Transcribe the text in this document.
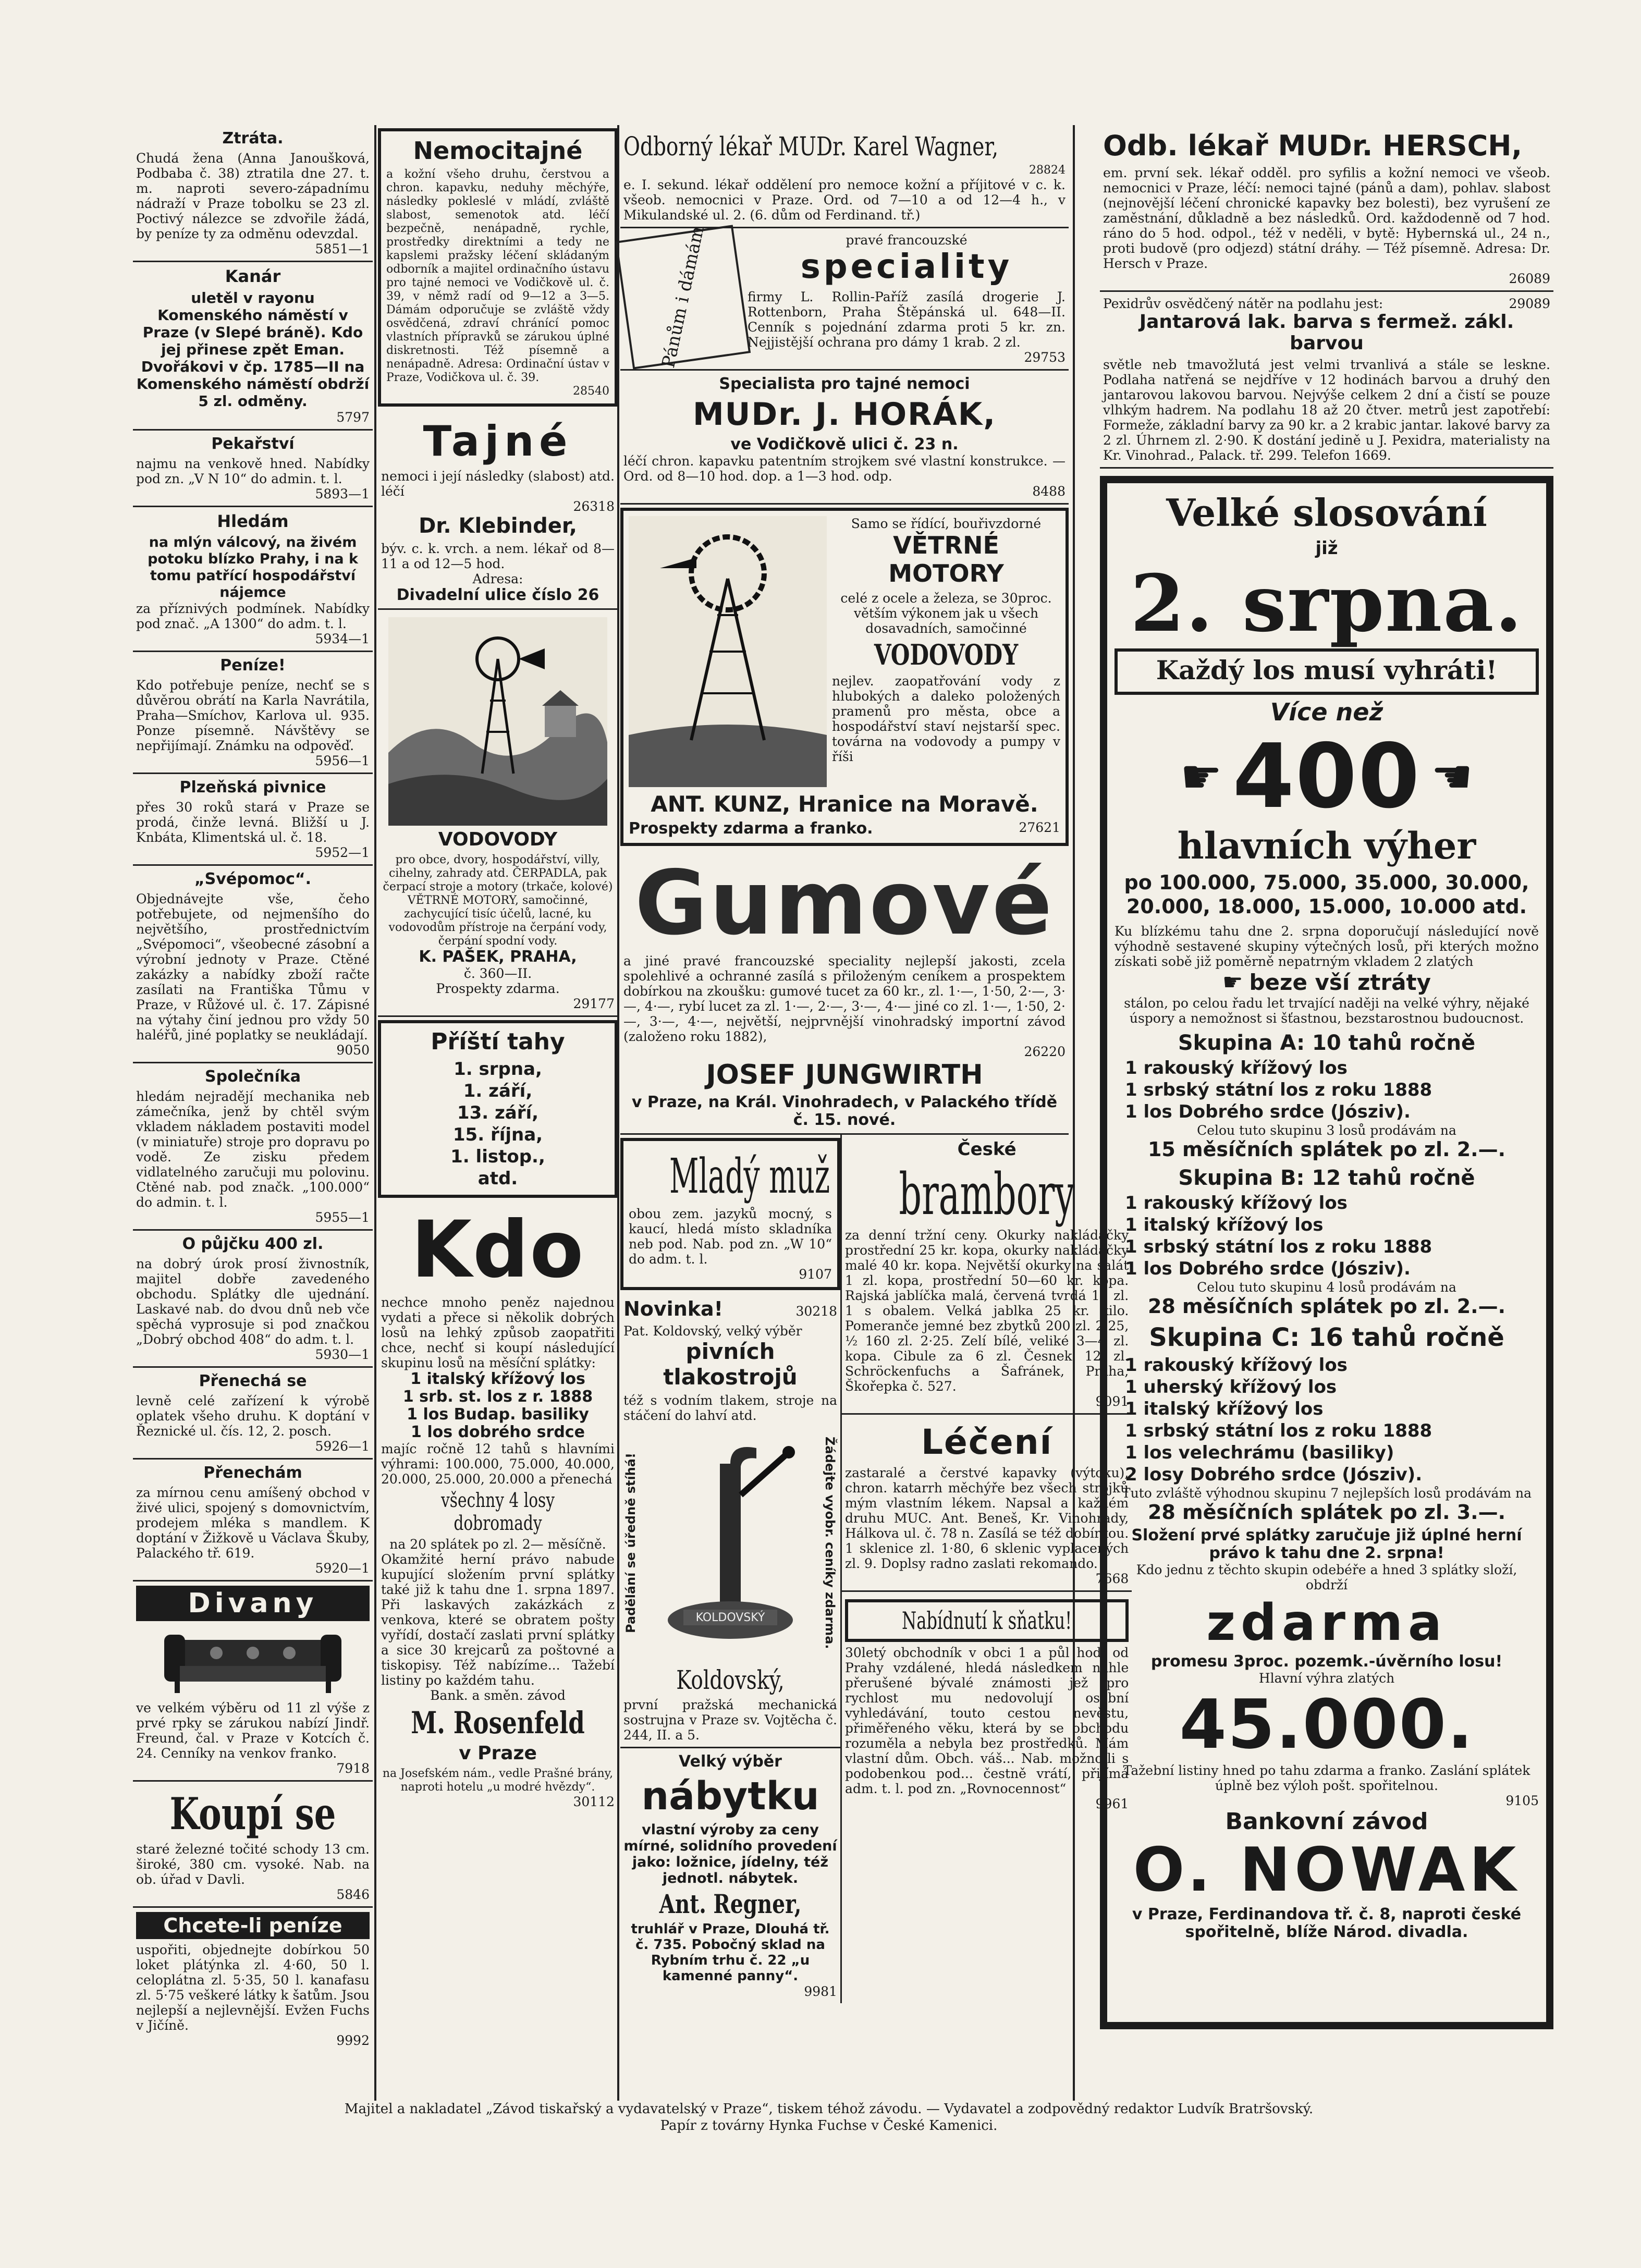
Ztráta.

Chudá žena (Anna Janoušková, Podbaba č. 38) ztratila dne 27. t. m. naproti severo-západnímu nádraží v Praze tobolku se 23 zl. Poctivý nálezce se zdvořile žádá, by peníze ty za odměnu odevzdal.

5851—1

Kanár

uletěl v rayonu Komenského náměstí v Praze (v Slepé bráně). Kdo jej přinese zpět Eman. Dvořákovi v čp. 1785—II na Komenského náměstí obdrží 5 zl. odměny.

5797

Pekařství

najmu na venkově hned. Nabídky pod zn. „V N 10“ do admin. t. l.

5893—1

Hledám

na mlýn válcový, na živém potoku blízko Prahy, i na k tomu patřící hospodářství nájemce

za příznivých podmínek. Nabídky pod znač. „A 1300“ do adm. t. l.

5934—1

Peníze!

Kdo potřebuje peníze, nechť se s důvěrou obrátí na Karla Navrátila, Praha—Smíchov, Karlova ul. 935. Ponze písemně. Návštěvy se nepřijímají. Známku na odpověď.

5956—1

Plzeňská pivnice

přes 30 roků stará v Praze se prodá, činže levná. Bližší u J. Knbáta, Klimentská ul. č. 18.

5952—1

„Svépomoc“.

Objednávejte vše, čeho potřebujete, od nejmenšího do největšího, prostřednictvím „Svépomoci“, všeobecné zásobní a výrobní jednoty v Praze. Ctěné zakázky a nabídky zboží račte zasílati na Františka Tůmu v Praze, v Růžové ul. č. 17. Zápisné na výtahy činí jednou pro vždy 50 haléřů, jiné poplatky se neukládají.

9050

Společníka

hledám nejradějí mechanika neb zámečníka, jenž by chtěl svým vkladem nákladem postaviti model (v miniatuře) stroje pro dopravu po vodě. Ze zisku předem vidlatelného zaručuji mu polovinu. Ctěné nab. pod značk. „100.000“ do admin. t. l.

5955—1

O půjčku 400 zl.

na dobrý úrok prosí živnostník, majitel dobře zavedeného obchodu. Splátky dle ujednání. Laskavé nab. do dvou dnů neb vče spěchá vyprosuje si pod značkou „Dobrý obchod 408“ do adm. t. l.

5930—1

Přenechá se

levně celé zařízení k výrobě oplatek všeho druhu. K doptání v Řeznické ul. čís. 12, 2. posch.

5926—1

Přenechám

za mírnou cenu amíšený obchod v živé ulici, spojený s domovnictvím, prodejem mléka s mandlem. K doptání v Žižkově u Václava Škuby, Palackého tř. 619.

5920—1

Divany

ve velkém výběru od 11 zl výše z prvé rpky se zárukou nabízí Jindř. Freund, čal. v Praze v Kotcích č. 24. Cenníky na venkov franko.

7918

Koupí se

staré železné točité schody 13 cm. široké, 380 cm. vysoké. Nab. na ob. úřad v Davli.

5846

Chcete-li peníze

uspořiti, objednejte dobírkou 50 loket plátýnka zl. 4·60, 50 l. celoplátna zl. 5·35, 50 l. kanafasu zl. 5·75 veškeré látky k šatům. Jsou nejlepší a nejlevnější. Evžen Fuchs v Jičíně.

9992

Nemocitajné

a kožní všeho druhu, čerstvou a chron. kapavku, neduhy měchýře, následky pokleslé v mládí, zvláště slabost, semenotok atd. léčí bezpečně, nenápadně, rychle, prostředky direktními a tedy ne kapslemi pražsky léčení skládaným odborník a majitel ordinačního ústavu pro tajné nemoci ve Vodičkově ul. č. 39, v němž radí od 9—12 a 3—5. Dámám odporučuje se zvláště vždy osvědčená, zdraví chránící pomoc vlastních přípravků se zárukou úplné diskretnosti. Též písemně a nenápadně. Adresa: Ordinační ústav v Praze, Vodičkova ul. č. 39.

28540

Tajné

nemoci i její následky (slabost) atd. léčí

26318

Dr. Klebinder,

býv. c. k. vrch. a nem. lékař od 8—11 a od 12—5 hod.

Adresa:

Divadelní ulice číslo 26

VODOVODY

pro obce, dvory, hospodářství, villy, cihelny, zahrady atd. ČERPADLA, pak čerpací stroje a motory (trkače, kolové) VĚTRNÉ MOTORY, samočinné, zachycující tisíc účelů, lacné, ku vodovodům přístroje na čerpání vody, čerpání spodní vody.

K. PAŠEK, PRAHA,

č. 360—II.

Prospekty zdarma.

29177

Příští tahy
1. srpna,
1. září,
13. září,
15. října,
1. listop.,
atd.
Kdo

nechce mnoho peněz najednou vydati a přece si několik dobrých losů na lehký způsob zaopatřiti chce, nechť si koupí následující skupinu losů na měsíční splátky:

1 italský křížový los

1 srb. st. los z r. 1888

1 los Budap. basiliky

1 los dobrého srdce

majíc ročně 12 tahů s hlavními výhrami: 100.000, 75.000, 40.000, 20.000, 25.000, 20.000 a přenechá

všechny 4 losy dobromady

na 20 splátek po zl. 2— měsíčně.

Okamžité herní právo nabude kupující složením první splátky také již k tahu dne 1. srpna 1897. Při laskavých zakázkách z venkova, které se obratem pošty vyřídí, dostačí zaslati první splátky a sice 30 krejcarů za poštovné a tiskopisy. Též nabízíme... Tažebí listiny po každém tahu.

Bank. a směn. závod

M. Rosenfeld
v Praze

na Josefském nám., vedle Prašné brány, naproti hotelu „u modré hvězdy“.

30112

Odborný lékař MUDr. Karel Wagner,

28824

e. I. sekund. lékař oddělení pro nemoce kožní a příjitové v c. k. všeob. nemocnici v Praze. Ord. od 7—10 a od 12—4 h., v Mikulandské ul. 2. (6. dům od Ferdinand. tř.)

Pánům i dámám	pravé francouzské

speciality

firmy L. Rollin-Paříž zasílá drogerie J. Rottenborn, Praha Štěpánská ul. 648—II. Cenník s pojednání zdarma proti 5 kr. zn. Nejjistější ochrana pro dámy 1 krab. 2 zl.

29753

Specialista pro tajné nemoci
MUDr. J. HORÁK,

ve Vodičkově ulici č. 23 n.

léčí chron. kapavku patentním strojkem své vlastní konstrukce. — Ord. od 8—10 hod. dop. a 1—3 hod. odp.

8488

Samo se řídící, bouřivzdorné

VĚTRNÉ MOTORY

celé z ocele a železa, se 30proc. větším výkonem jak u všech dosavadních, samočinné

VODOVODY

nejlev. zaopatřování vody z hlubokých a daleko položených pramenů pro města, obce a hospodářství staví nejstarší spec. továrna na vodovody a pumpy v říši

ANT. KUNZ, Hranice na Moravě.
Prospekty zdarma a franko.	27621
Gumové

a jiné pravé francouzské speciality nejlepší jakosti, zcela spolehlivé a ochranné zasílá s přiloženým ceníkem a prospektem dobírkou na zkoušku: gumové tucet za 60 kr., zl. 1·—, 1·50, 2·—, 3·—, 4·—, rybí lucet za zl. 1·—, 2·—, 3·—, 4·— jiné co zl. 1·—, 1·50, 2·—, 3·—, 4·—, největší, nejprvnější vinohradský importní závod (založeno roku 1882),

26220

JOSEF JUNGWIRTH

v Praze, na Král. Vinohradech, v Palackého třídě č. 15. nové.

Mladý muž

obou zem. jazyků mocný, s kaucí, hledá místo skladníka neb pod. Nab. pod zn. „W 10“ do adm. t. l.

9107

Novinka!	30218

Pat. Koldovský, velký výběr

pivních tlakostrojů

též s vodním tlakem, stroje na stáčení do lahví atd.

Padělání se úředně stíhá!	KOLDOVSKÝ	Žádejte vyobr. ceníky zdarma.
Koldovský,

první pražská mechanická sostrujna v Praze sv. Vojtěcha č. 244, II. a 5.

Velký výběr
nábytku

vlastní výroby za ceny mírné, solidního provedení jako: ložnice, jídelny, též jednotl. nábytek.

Ant. Regner,

truhlář v Praze, Dlouhá tř. č. 735. Pobočný sklad na Rybním trhu č. 22 „u kamenné panny“.

9981

České
brambory

za denní tržní ceny. Okurky nakládačky prostřední 25 kr. kopa, okurky nakládačky malé 40 kr. kopa. Největší okurky na salát 1 zl. kopa, prostřední 50—60 kr. kopa. Rajská jablíčka malá, červená tvrdá 12 zl. 1 s obalem. Velká jablka 25 kr. kilo. Pomeranče jemné bez zbytků 200 zl. 2·25, ½ 160 zl. 2·25. Zelí bílé, veliké 3—4 zl. kopa. Cibule za 6 zl. Česnek 12 zl. Schröckenfuchs a Šafránek, Praha, Škořepka č. 527.

9091

Léčení

zastaralé a čerstvé kapavky (výtoku), chron. katarrh měchýře bez všech strojků mým vlastním lékem. Napsal a každém druhu MUC. Ant. Beneš, Kr. Vinohrady, Hálkova ul. č. 78 n. Zasílá se též dobírkou. 1 sklenice zl. 1·80, 6 sklenic vyplacených zl. 9. Doplsy radno zaslati rekomando.

7668

Nabídnutí k sňatku!

30letý obchodník v obci 1 a půl hod. od Prahy vzdálené, hledá následkem náhle přerušené bývalé známosti jež pro rychlost mu nedovolují osobní vyhledávání, touto cestou nevěstu, přiměřeného věku, která by se obchodu rozuměla a nebyla bez prostředků. Mám vlastní dům. Obch. váš... Nab. možno-li s podobenkou pod... čestně vrátí, přijímá adm. t. l. pod zn. „Rovnocennost“

9961

Odb. lékař MUDr. HERSCH,

em. první sek. lékař odděl. pro syfilis a kožní nemoci ve všeob. nemocnici v Praze, léčí: nemoci tajné (pánů a dam), pohlav. slabost (nejnovější léčení chronické kapavky bez bolesti), bez vyrušení ze zaměstnání, důkladně a bez následků. Ord. každodenně od 7 hod. ráno do 5 hod. odpol., též v neděli, v bytě: Hybernská ul., 24 n., proti budově (pro odjezd) státní dráhy. — Též písemně. Adresa: Dr. Hersch v Praze.

26089

Pexidrův osvědčený nátěr na podlahu jest:	29089
Jantarová lak. barva s fermež. zákl. barvou

světle neb tmavožlutá jest velmi trvanlivá a stále se leskne. Podlaha natřená se nejdříve v 12 hodinách barvou a druhý den jantarovou lakovou barvou. Nejvýše celkem 2 dní a čistí se pouze vlhkým hadrem. Na podlahu 18 až 20 čtver. metrů jest zapotřebí: Formeže, základní barvy za 90 kr. a 2 krabic jantar. lakové barvy za 2 zl. Úhrnem zl. 2·90. K dostání jedině u J. Pexidra, materialisty na Kr. Vinohrad., Palack. tř. 299. Telefon 1669.

Velké slosování
již
2. srpna.
Každý los musí vyhráti!
Více než
☛ 400 ☛
hlavních výher

po 100.000, 75.000, 35.000, 30.000, 20.000, 18.000, 15.000, 10.000 atd.

Ku blízkému tahu dne 2. srpna doporučují následující nově výhodně sestavené skupiny výtečných losů, při kterých možno získati sobě již poměrně nepatrným vkladem 2 zlatých

☛ beze vší ztráty

stálon, po celou řadu let trvající naději na velké výhry, nějaké úspory a nemožnost si šťastnou, bezstarostnou budoucnost.

Skupina A: 10 tahů ročně
1 rakouský křížový los
1 srbský státní los z roku 1888
1 los Dobrého srdce (Jósziv).

Celou tuto skupinu 3 losů prodávám na

15 měsíčních splátek po zl. 2.—.
Skupina B: 12 tahů ročně
1 rakouský křížový los
1 italský křížový los
1 srbský státní los z roku 1888
1 los Dobrého srdce (Jósziv).

Celou tuto skupinu 4 losů prodávám na

28 měsíčních splátek po zl. 2.—.
Skupina C: 16 tahů ročně
1 rakouský křížový los
1 uherský křížový los
1 italský křížový los
1 srbský státní los z roku 1888
1 los velechrámu (basiliky)
2 losy Dobrého srdce (Jósziv).

Tuto zvláště výhodnou skupinu 7 nejlepších losů prodávám na

28 měsíčních splátek po zl. 3.—.

Složení prvé splátky zaručuje již úplné herní právo k tahu dne 2. srpna!

Kdo jednu z těchto skupin odebéře a hned 3 splátky složí, obdrží

zdarma

promesu 3proc. pozemk.-úvěrního losu!

Hlavní výhra zlatých

45.000.

Tažební listiny hned po tahu zdarma a franko. Zaslání splátek úplně bez výloh pošt. spořitelnou.

9105

Bankovní závod
O. NOWAK

v Praze, Ferdinandova tř. č. 8, naproti české spořitelně, blíže Národ. divadla.

Majitel a nakladatel „Závod tiskařský a vydavatelský v Praze“, tiskem téhož závodu. — Vydavatel a zodpovědný redaktor Ludvík Bratršovský.
Papír z továrny Hynka Fuchse v České Kamenici.
